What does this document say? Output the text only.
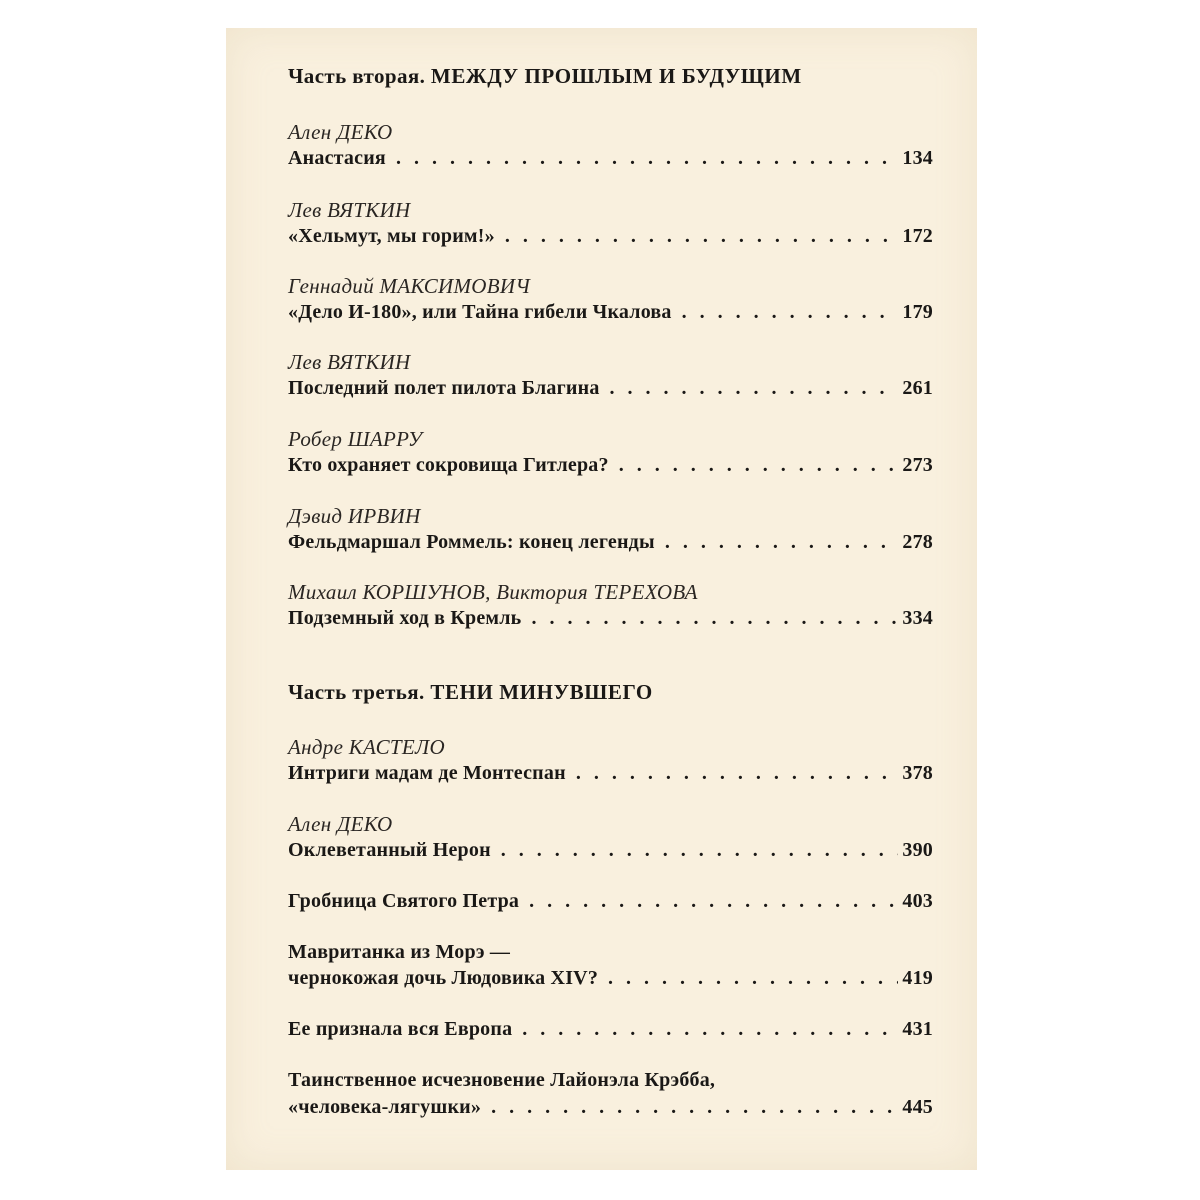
Часть вторая. МЕЖДУ ПРОШЛЫМ И БУДУЩИМ
Ален ДЕКО
Анастасия . . .	134
Лев ВЯТКИН
«Хельмут, мы горим!» . . .	172
Геннадий МАКСИМОВИЧ
«Дело И-180», или Тайна гибели Чкалова . . .	179
Лев ВЯТКИН
Последний полет пилота Благина . . .	261
Робер ШАРРУ
Кто охраняет сокровища Гитлера? . . .	273
Дэвид ИРВИН
Фельдмаршал Роммель: конец легенды . . .	278
Михаил КОРШУНОВ, Виктория ТЕРЕХОВА
Подземный ход в Кремль . . .	334
Часть третья. ТЕНИ МИНУВШЕГО
Андре КАСТЕЛО
Интриги мадам де Монтеспан . . .	378
Ален ДЕКО
Оклеветанный Нерон . . .	390
Гробница Святого Петра . . .	403
Мавританка из Морэ —
чернокожая дочь Людовика XIV? . . .	419
Ее признала вся Европа . . .	431
Таинственное исчезновение Лайонэла Крэбба,
«человека-лягушки» . . .	445
